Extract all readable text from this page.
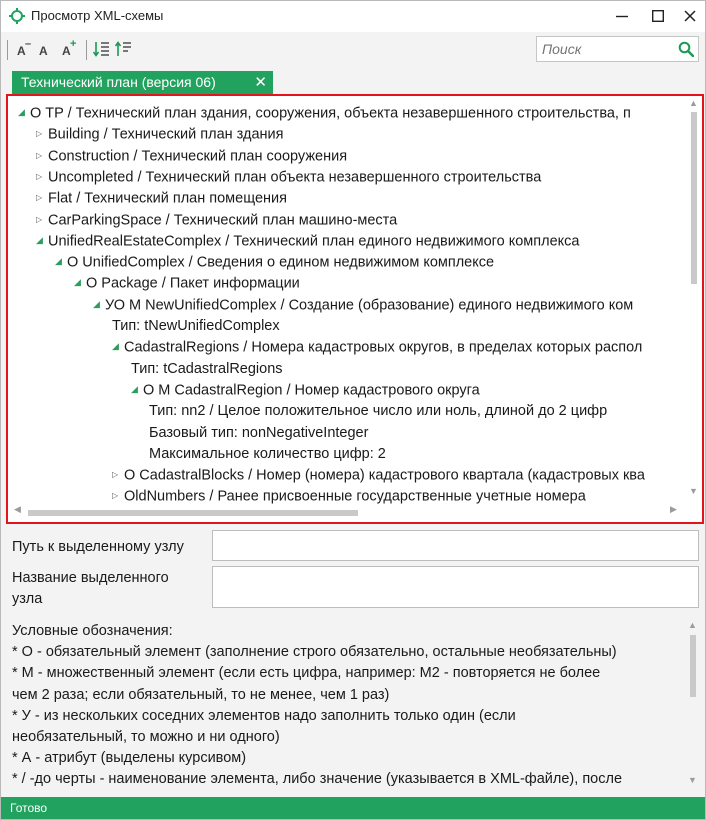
Просмотр XML-схемы
A – A A +
Поиск
Технический план (версия 06)	✕
◢ О TP / Технический план здания, сооружения, объекта незавершенного строительства, п
▷ Building / Технический план здания
▷ Construction / Технический план сооружения
▷ Uncompleted / Технический план объекта незавершенного строительства
▷ Flat / Технический план помещения
▷ CarParkingSpace / Технический план машино-места
◢ UnifiedRealEstateComplex / Технический план единого недвижимого комплекса
◢ О UnifiedComplex / Сведения о едином недвижимом комплексе
◢ О Package / Пакет информации
◢ УО М NewUnifiedComplex / Создание (образование) единого недвижимого ком
Тип: tNewUnifiedComplex
◢ CadastralRegions / Номера кадастровых округов, в пределах которых распол
Тип: tCadastralRegions
◢ О М CadastralRegion / Номер кадастрового округа
Тип: nn2 / Целое положительное число или ноль, длиной до 2 цифр
Базовый тип: nonNegativeInteger
Максимальное количество цифр: 2
▷ О CadastralBlocks / Номер (номера) кадастрового квартала (кадастровых ква
▷ OldNumbers / Ранее присвоенные государственные учетные номера
▲
▼
◀	▶
Путь к выделенному узлу
Название выделенного
узла
Условные обозначения:
* О - обязательный элемент (заполнение строго обязательно, остальные необязательны)
* М - множественный элемент (если есть цифра, например: М2 - повторяется не более
чем 2 раза; если обязательный, то не менее, чем 1 раз)
* У - из нескольких соседних элементов надо заполнить только один (если
необязательный, то можно и ни одного)
* А - атрибут (выделены курсивом)
* / -до черты - наименование элемента, либо значение (указывается в XML-файле), после
▲
▼
Готово
